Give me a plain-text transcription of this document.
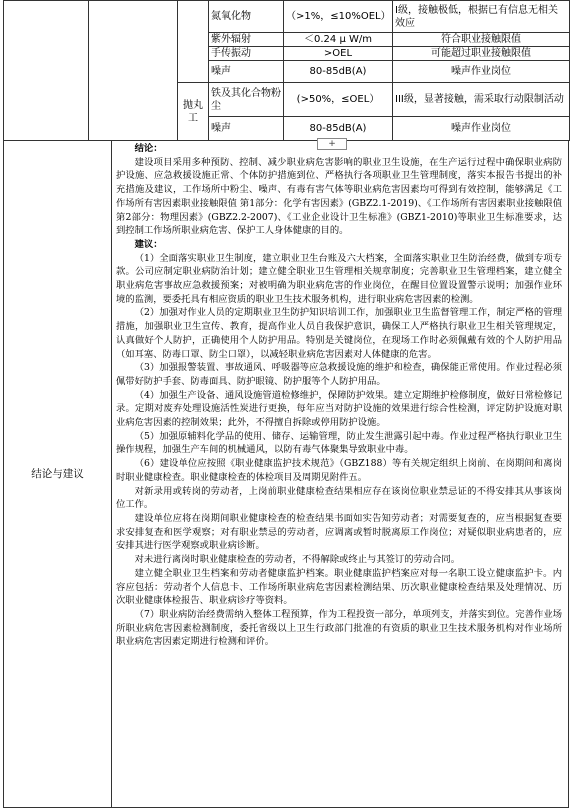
			氮氧化物	（>1%，≤10%OEL）	I级，接触极低，根据已有信息无相关效应
			紫外辐射	＜0.24 μ W/m	符合职业接触限值
			手传振动	>OEL	可能超过职业接触限值
			噪声	80-85dB(A)	噪声作业岗位
		抛丸工	铁及其化合物粉尘	(>50%，≤OEL）	III级，显著接触，需采取行动限制活动
			噪声	80-85dB(A)	噪声作业岗位
结论与建议

结论：

建设项目采用多种预防、控制、减少职业病危害影响的职业卫生设施，在生产运行过程中确保职业病防护设施、应急救援设施正常、个体防护措施到位、严格执行各项职业卫生管理制度，落实本报告书提出的补充措施及建议，工作场所中粉尘、噪声、有毒有害气体等职业病危害因素均可得到有效控制，能够满足《工作场所有害因素职业接触限值 第1部分：化学有害因素》(GBZ2.1-2019)、《工作场所有害因素职业接触限值 第2部分：物理因素》(GBZ2.2-2007)、《工业企业设计卫生标准》(GBZ1-2010)等职业卫生标准要求，达到控制工作场所职业病危害、保护工人身体健康的目的。

建议：

（1）全面落实职业卫生制度，建立职业卫生台账及六大档案，全面落实职业卫生防治经费，做到专项专款。公司应制定职业病防治计划；建立健全职业卫生管理相关规章制度；完善职业卫生管理档案，建立健全职业病危害事故应急救援预案；对被明确为职业病危害的作业岗位，在醒目位置设置警示说明；加强作业环境的监测，要委托具有相应资质的职业卫生技术服务机构，进行职业病危害因素的检测。

（2）加强对作业人员的定期职业卫生防护知识培训工作，加强职业卫生监督管理工作，制定严格的管理措施，加强职业卫生宣传、教育，提高作业人员自我保护意识，确保工人严格执行职业卫生相关管理规定，认真做好个人防护，正确使用个人防护用品。特别是关键岗位，在现场工作时必须佩戴有效的个人防护用品（如耳塞、防毒口罩、防尘口罩），以减轻职业病危害因素对人体健康的危害。

（3）加强报警装置、事故通风、呼吸器等应急救援设施的维护和检查，确保能正常使用。作业过程必须佩带好防护手套、防毒面具、防护眼镜、防护服等个人防护用品。

（4）加强生产设备、通风设施管道检修维护，保障防护效果。建立定期维护检修制度，做好日常检修记录。定期对废弃处理设施活性炭进行更换，每年应当对防护设施的效果进行综合性检测，评定防护设施对职业病危害因素的控制效果；此外，不得擅自拆除或停用防护设施。

（5）加强原辅料化学品的使用、储存、运输管理，防止发生泄露引起中毒。作业过程严格执行职业卫生操作规程，加强生产车间的机械通风，以防有毒气体聚集导致职业中毒。

（6）建设单位应按照《职业健康监护技术规范》（GBZ188）等有关规定组织上岗前、在岗期间和离岗时职业健康检查。职业健康检查的体检项目及周期见附件五。

对新录用或转岗的劳动者，上岗前职业健康检查结果相应存在该岗位职业禁忌证的不得安排其从事该岗位工作。

建设单位应将在岗期间职业健康检查的检查结果书面如实告知劳动者；对需要复查的，应当根据复查要求安排复查和医学观察；对有职业禁忌的劳动者，应调离或暂时脱离原工作岗位；对疑似职业病患者的，应安排其进行医学观察或职业病诊断。

对未进行离岗时职业健康检查的劳动者，不得解除或终止与其签订的劳动合同。

建立健全职业卫生档案和劳动者健康监护档案。职业健康监护档案应对每一名职工设立健康监护卡。内容应包括：劳动者个人信息卡、工作场所职业病危害因素检测结果、历次职业健康检查结果及处理情况、历次职业健康体检报告、职业病诊疗等资料。

（7）职业病防治经费需纳入整体工程预算，作为工程投资一部分，单项列支，并落实到位。完善作业场所职业病危害因素检测制度，委托省级以上卫生行政部门批准的有资质的职业卫生技术服务机构对作业场所职业病危害因素定期进行检测和评价。

+
